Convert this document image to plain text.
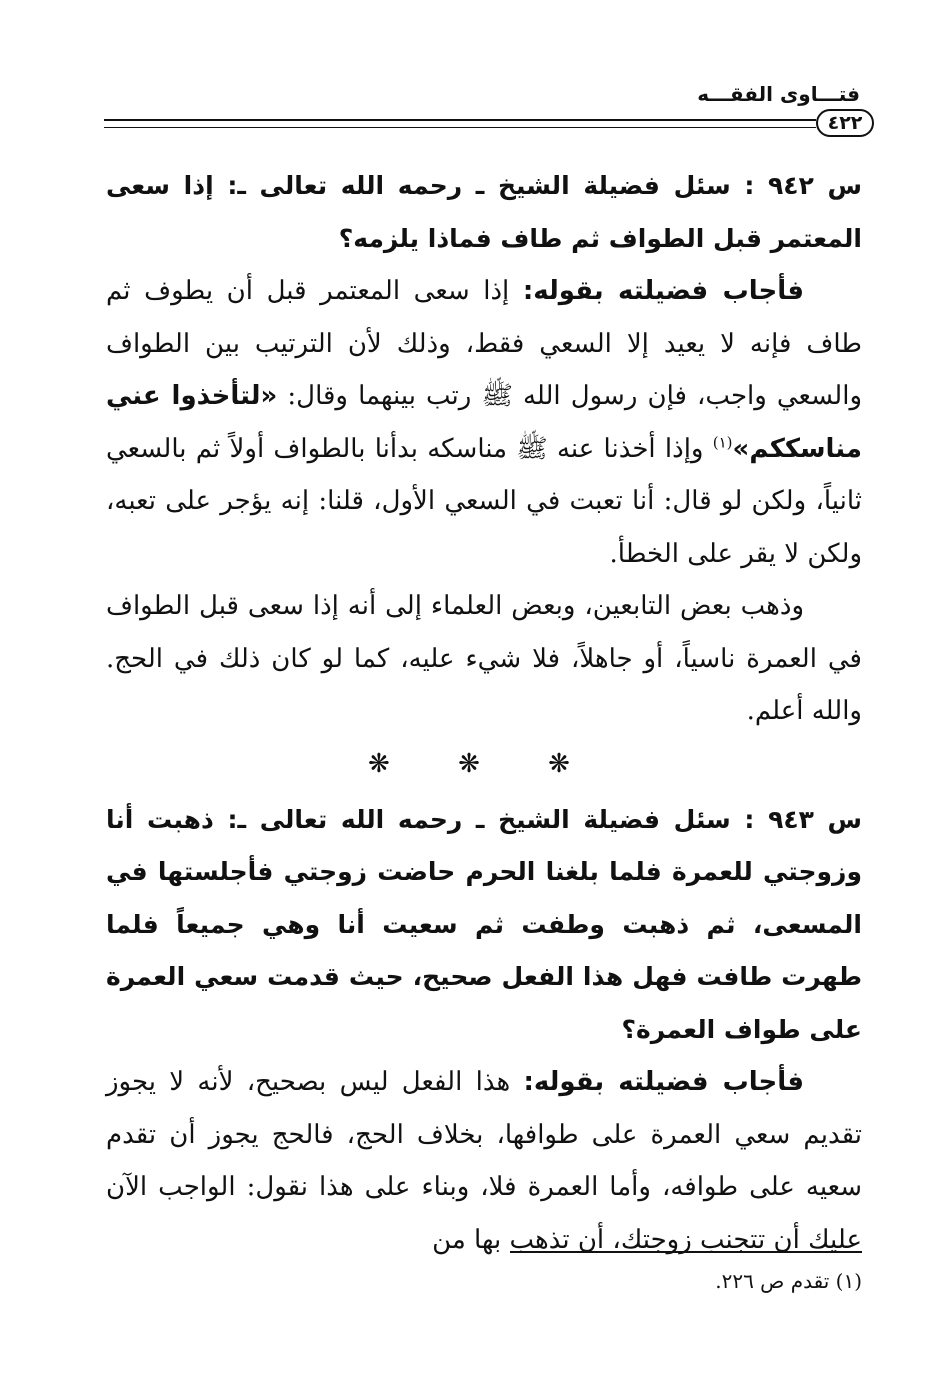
فتـــاوى الفقـــه
٤٢٢

س ٩٤٢ : سئل فضيلة الشيخ ـ رحمه الله تعالى ـ: إذا سعى المعتمر قبل الطواف ثم طاف فماذا يلزمه؟

فأجاب فضيلته بقوله: إذا سعى المعتمر قبل أن يطوف ثم طاف فإنه لا يعيد إلا السعي فقط، وذلك لأن الترتيب بين الطواف والسعي واجب، فإن رسول الله ﷺ رتب بينهما وقال: «لتأخذوا عني مناسككم»$^{(١)}$ وإذا أخذنا عنه ﷺ مناسكه بدأنا بالطواف أولاً ثم بالسعي ثانياً، ولكن لو قال: أنا تعبت في السعي الأول، قلنا: إنه يؤجر على تعبه، ولكن لا يقر على الخطأ.

وذهب بعض التابعين، وبعض العلماء إلى أنه إذا سعى قبل الطواف في العمرة ناسياً، أو جاهلاً، فلا شيء عليه، كما لو كان ذلك في الحج. والله أعلم.

❋ ❋ ❋

س ٩٤٣ : سئل فضيلة الشيخ ـ رحمه الله تعالى ـ: ذهبت أنا وزوجتي للعمرة فلما بلغنا الحرم حاضت زوجتي فأجلستها في المسعى، ثم ذهبت وطفت ثم سعيت أنا وهي جميعاً فلما طهرت طافت فهل هذا الفعل صحيح، حيث قدمت سعي العمرة على طواف العمرة؟

فأجاب فضيلته بقوله: هذا الفعل ليس بصحيح، لأنه لا يجوز تقديم سعي العمرة على طوافها، بخلاف الحج، فالحج يجوز أن تقدم سعيه على طوافه، وأما العمرة فلا، وبناء على هذا نقول: الواجب الآن عليك أن تتجنب زوجتك، أن تذهب بها من

(١) تقدم ص ٢٢٦.
